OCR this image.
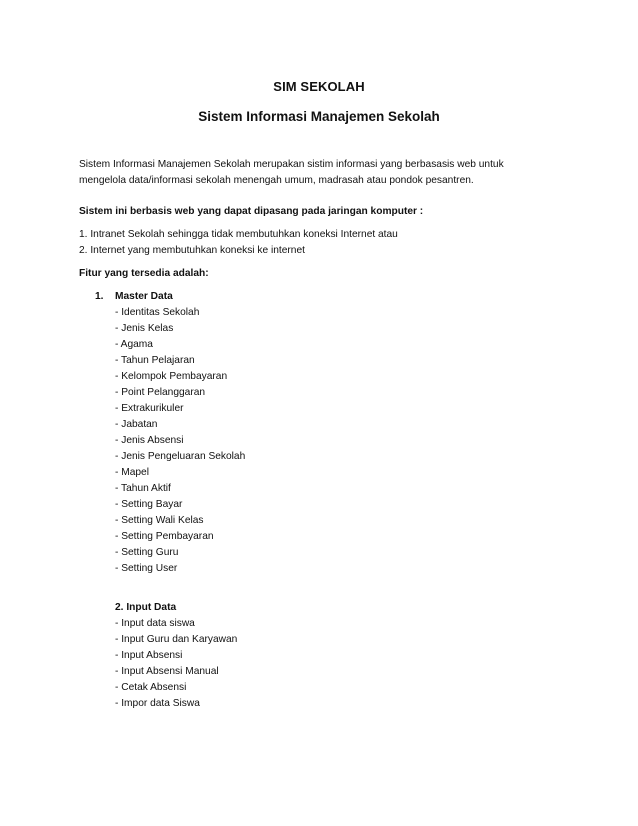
SIM SEKOLAH
Sistem Informasi Manajemen Sekolah
Sistem Informasi Manajemen Sekolah merupakan sistim informasi yang berbasasis web untuk mengelola data/informasi sekolah menengah umum, madrasah atau pondok pesantren.
Sistem ini berbasis web yang dapat dipasang pada jaringan komputer :
1. Intranet Sekolah sehingga tidak membutuhkan koneksi Internet atau
2. Internet yang membutuhkan koneksi ke internet
Fitur yang tersedia adalah:
1. Master Data
- Identitas Sekolah
- Jenis Kelas
- Agama
- Tahun Pelajaran
- Kelompok Pembayaran
- Point Pelanggaran
- Extrakurikuler
- Jabatan
- Jenis Absensi
- Jenis Pengeluaran Sekolah
- Mapel
- Tahun Aktif
- Setting Bayar
- Setting Wali Kelas
- Setting Pembayaran
- Setting Guru
- Setting User
2. Input Data
- Input data siswa
- Input Guru dan Karyawan
- Input Absensi
- Input Absensi Manual
- Cetak Absensi
- Impor data Siswa
